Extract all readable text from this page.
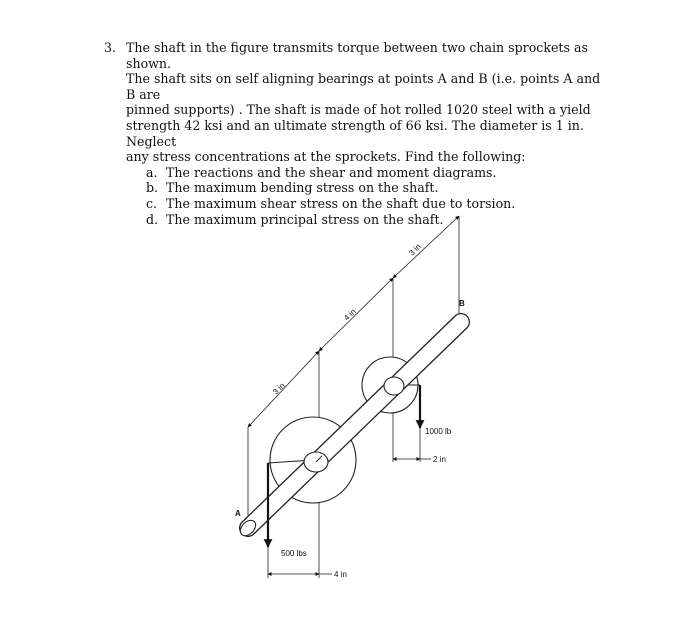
3. The shaft in the figure transmits torque between two chain sprockets as shown.
The shaft sits on self aligning bearings at points A and B (i.e. points A and B are
pinned supports) . The shaft is made of hot rolled 1020 steel with a yield
strength 42 ksi and an ultimate strength of 66 ksi. The diameter is 1 in. Neglect
any stress concentrations at the sprockets. Find the following:
a. The reactions and the shear and moment diagrams.
b. The maximum bending stress on the shaft.
c. The maximum shear stress on the shaft due to torsion.
d. The maximum principal stress on the shaft.
3 in
4 in
3 in
A
B
1000 lb
2 in
500 lbs
4 in
